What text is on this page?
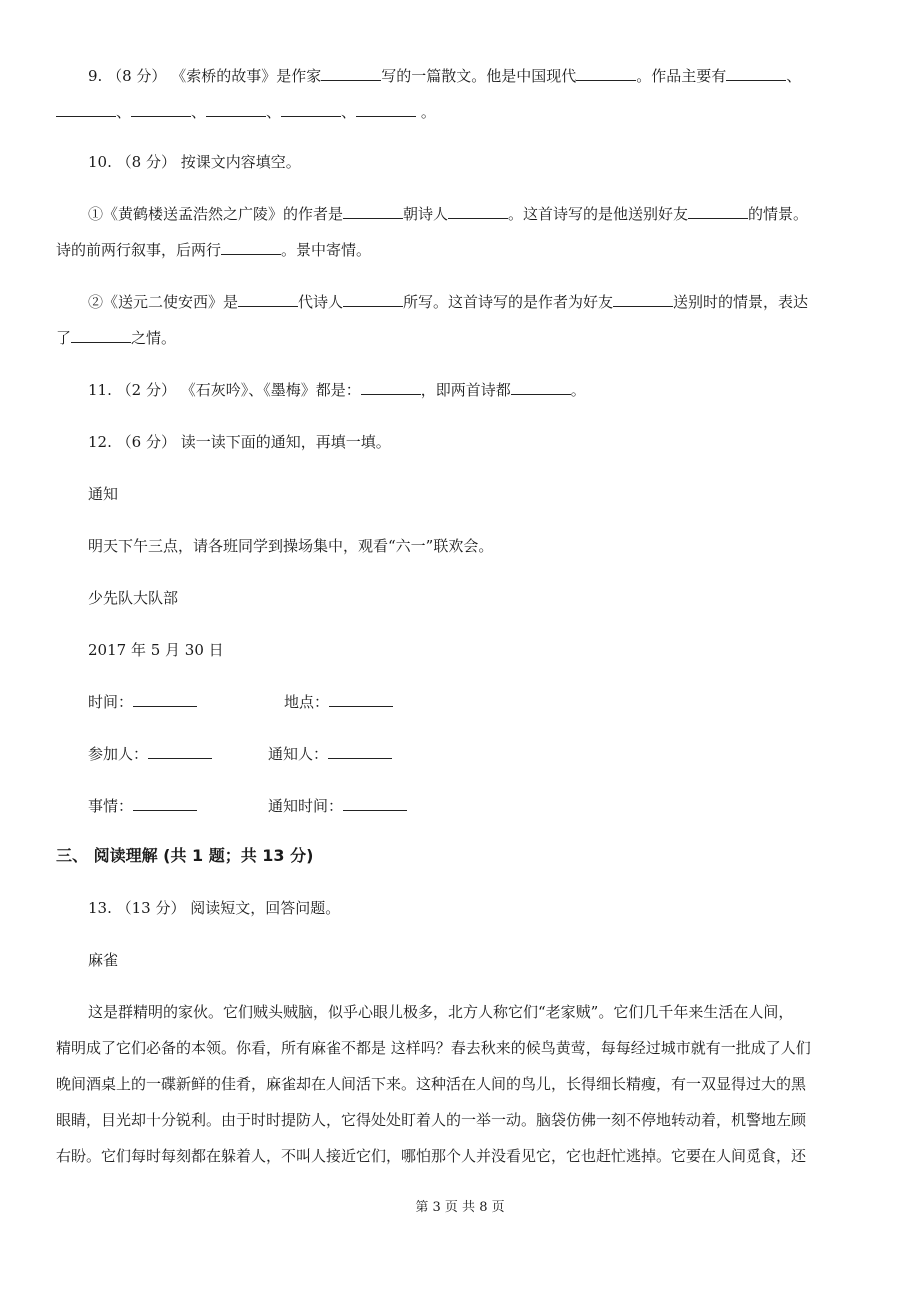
9. （8 分） 《索桥的故事》是作家	写的一篇散文。他是中国现代	。作品主要有	、
、	、	、	、	。
10. （8 分） 按课文内容填空。
①《黄鹤楼送孟浩然之广陵》的作者是	朝诗人	。这首诗写的是他送别好友	的情景。
诗的前两行叙事，后两行	。景中寄情。
②《送元二使安西》是	代诗人	所写。这首诗写的是作者为好友	送别时的情景，表达
了	之情。
11. （2 分） 《石灰吟》、《墨梅》都是：	，即两首诗都	。
12. （6 分） 读一读下面的通知，再填一填。
通知
明天下午三点，请各班同学到操场集中，观看“六一”联欢会。
少先队大队部
2017 年 5 月 30 日
时间：	地点：
参加人：	通知人：
事情：	通知时间：
三、 阅读理解 (共 1 题；共 13 分)
13. （13 分） 阅读短文，回答问题。
麻雀
这是群精明的家伙。它们贼头贼脑，似乎心眼儿极多，北方人称它们“老家贼”。它们几千年来生活在人间，
精明成了它们必备的本领。你看，所有麻雀不都是 这样吗？春去秋来的候鸟黄莺，每每经过城市就有一批成了人们
晚间酒桌上的一碟新鲜的佳肴，麻雀却在人间活下来。这种活在人间的鸟儿，长得细长精瘦，有一双显得过大的黑
眼睛，目光却十分锐利。由于时时提防人，它得处处盯着人的一举一动。脑袋仿佛一刻不停地转动着，机警地左顾
右盼。它们每时每刻都在躲着人，不叫人接近它们，哪怕那个人并没看见它，它也赶忙逃掉。它要在人间觅食，还
第 3 页 共 8 页
